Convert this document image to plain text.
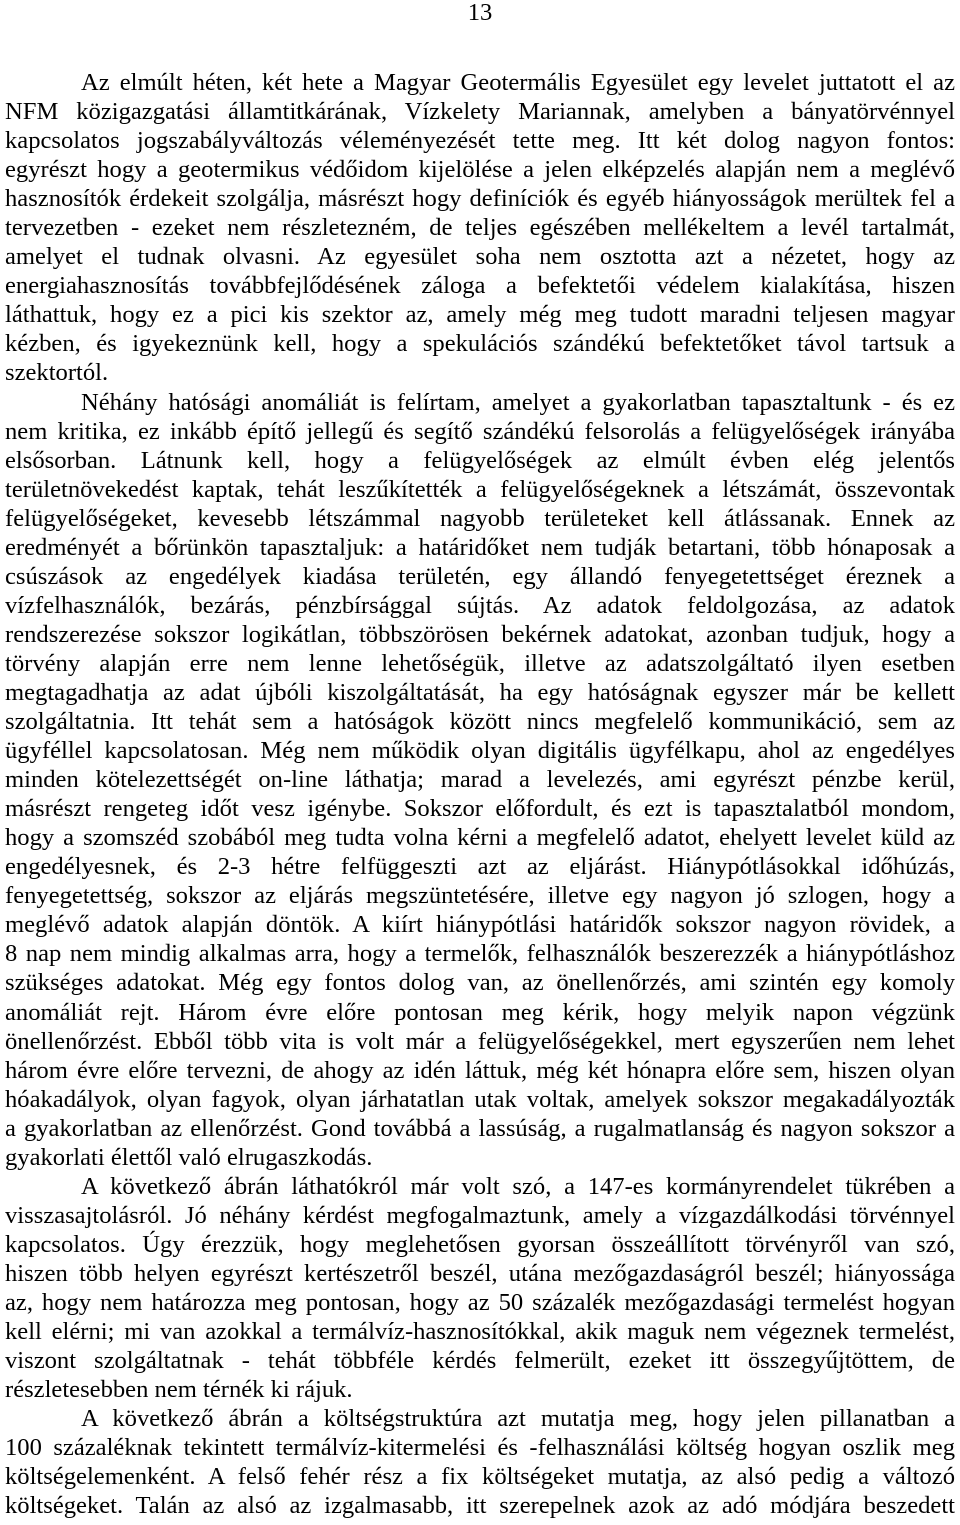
13
Az elmúlt héten, két hete a Magyar Geotermális Egyesület egy levelet juttatott el az
NFM közigazgatási államtitkárának, Vízkelety Mariannak, amelyben a bányatörvénnyel
kapcsolatos jogszabályváltozás véleményezését tette meg. Itt két dolog nagyon fontos:
egyrészt hogy a geotermikus védőidom kijelölése a jelen elképzelés alapján nem a meglévő
hasznosítók érdekeit szolgálja, másrészt hogy definíciók és egyéb hiányosságok merültek fel a
tervezetben - ezeket nem részletezném, de teljes egészében mellékeltem a levél tartalmát,
amelyet el tudnak olvasni. Az egyesület soha nem osztotta azt a nézetet, hogy az
energiahasznosítás továbbfejlődésének záloga a befektetői védelem kialakítása, hiszen
láthattuk, hogy ez a pici kis szektor az, amely még meg tudott maradni teljesen magyar
kézben, és igyekeznünk kell, hogy a spekulációs szándékú befektetőket távol tartsuk a
szektortól.
Néhány hatósági anomáliát is felírtam, amelyet a gyakorlatban tapasztaltunk - és ez
nem kritika, ez inkább építő jellegű és segítő szándékú felsorolás a felügyelőségek irányába
elsősorban. Látnunk kell, hogy a felügyelőségek az elmúlt évben elég jelentős
területnövekedést kaptak, tehát leszűkítették a felügyelőségeknek a létszámát, összevontak
felügyelőségeket, kevesebb létszámmal nagyobb területeket kell átlássanak. Ennek az
eredményét a bőrünkön tapasztaljuk: a határidőket nem tudják betartani, több hónaposak a
csúszások az engedélyek kiadása területén, egy állandó fenyegetettséget éreznek a
vízfelhasználók, bezárás, pénzbírsággal sújtás. Az adatok feldolgozása, az adatok
rendszerezése sokszor logikátlan, többszörösen bekérnek adatokat, azonban tudjuk, hogy a
törvény alapján erre nem lenne lehetőségük, illetve az adatszolgáltató ilyen esetben
megtagadhatja az adat újbóli kiszolgáltatását, ha egy hatóságnak egyszer már be kellett
szolgáltatnia. Itt tehát sem a hatóságok között nincs megfelelő kommunikáció, sem az
ügyféllel kapcsolatosan. Még nem működik olyan digitális ügyfélkapu, ahol az engedélyes
minden kötelezettségét on-line láthatja; marad a levelezés, ami egyrészt pénzbe kerül,
másrészt rengeteg időt vesz igénybe. Sokszor előfordult, és ezt is tapasztalatból mondom,
hogy a szomszéd szobából meg tudta volna kérni a megfelelő adatot, ehelyett levelet küld az
engedélyesnek, és 2-3 hétre felfüggeszti azt az eljárást. Hiánypótlásokkal időhúzás,
fenyegetettség, sokszor az eljárás megszüntetésére, illetve egy nagyon jó szlogen, hogy a
meglévő adatok alapján döntök. A kiírt hiánypótlási határidők sokszor nagyon rövidek, a
8 nap nem mindig alkalmas arra, hogy a termelők, felhasználók beszerezzék a hiánypótláshoz
szükséges adatokat. Még egy fontos dolog van, az önellenőrzés, ami szintén egy komoly
anomáliát rejt. Három évre előre pontosan meg kérik, hogy melyik napon végzünk
önellenőrzést. Ebből több vita is volt már a felügyelőségekkel, mert egyszerűen nem lehet
három évre előre tervezni, de ahogy az idén láttuk, még két hónapra előre sem, hiszen olyan
hóakadályok, olyan fagyok, olyan járhatatlan utak voltak, amelyek sokszor megakadályozták
a gyakorlatban az ellenőrzést. Gond továbbá a lassúság, a rugalmatlanság és nagyon sokszor a
gyakorlati élettől való elrugaszkodás.
A következő ábrán láthatókról már volt szó, a 147-es kormányrendelet tükrében a
visszasajtolásról. Jó néhány kérdést megfogalmaztunk, amely a vízgazdálkodási törvénnyel
kapcsolatos. Úgy érezzük, hogy meglehetősen gyorsan összeállított törvényről van szó,
hiszen több helyen egyrészt kertészetről beszél, utána mezőgazdaságról beszél; hiányossága
az, hogy nem határozza meg pontosan, hogy az 50 százalék mezőgazdasági termelést hogyan
kell elérni; mi van azokkal a termálvíz-hasznosítókkal, akik maguk nem végeznek termelést,
viszont szolgáltatnak - tehát többféle kérdés felmerült, ezeket itt összegyűjtöttem, de
részletesebben nem térnék ki rájuk.
A következő ábrán a költségstruktúra azt mutatja meg, hogy jelen pillanatban a
100 százaléknak tekintett termálvíz-kitermelési és -felhasználási költség hogyan oszlik meg
költségelemenként. A felső fehér rész a fix költségeket mutatja, az alsó pedig a változó
költségeket. Talán az alsó az izgalmasabb, itt szerepelnek azok az adó módjára beszedett
